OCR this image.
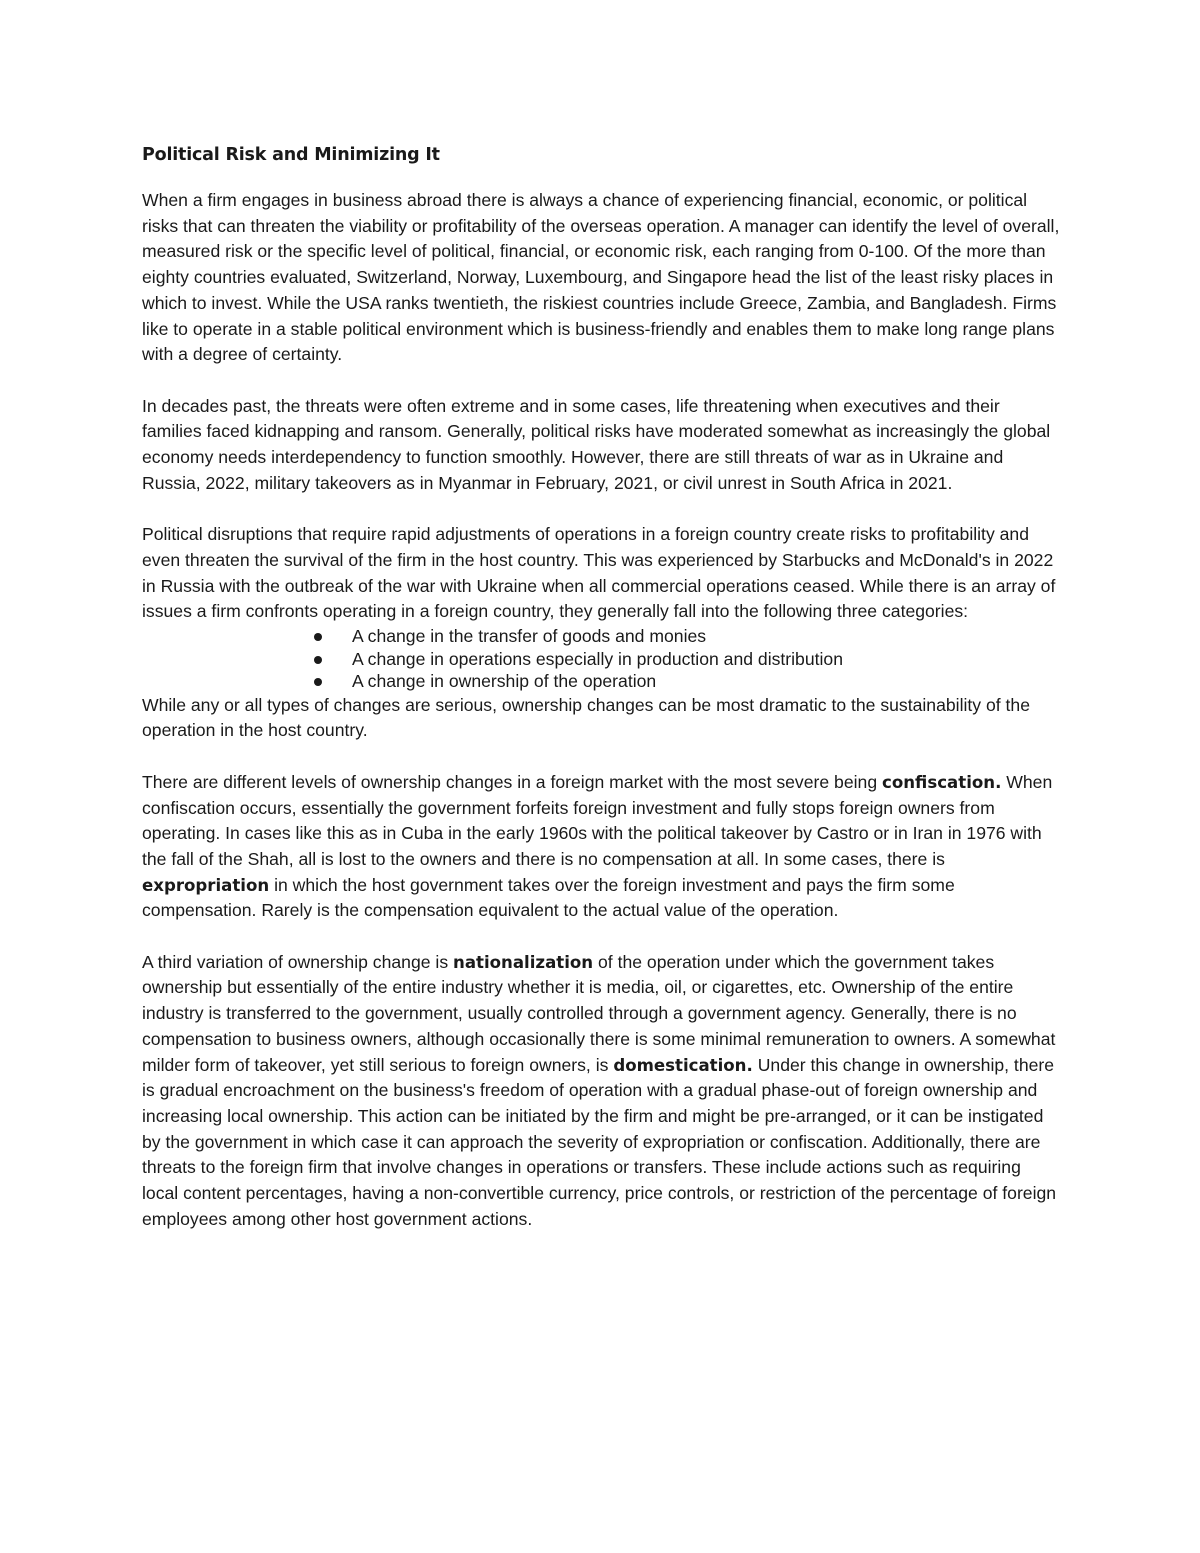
Political Risk and Minimizing It

When a firm engages in business abroad there is always a chance of experiencing financial, economic, or political risks that can threaten the viability or profitability of the overseas operation. A manager can identify the level of overall, measured risk or the specific level of political, financial, or economic risk, each ranging from 0-100. Of the more than eighty countries evaluated, Switzerland, Norway, Luxembourg, and Singapore head the list of the least risky places in which to invest. While the USA ranks twentieth, the riskiest countries include Greece, Zambia, and Bangladesh. Firms like to operate in a stable political environment which is business-friendly and enables them to make long range plans with a degree of certainty.

In decades past, the threats were often extreme and in some cases, life threatening when executives and their families faced kidnapping and ransom. Generally, political risks have moderated somewhat as increasingly the global economy needs interdependency to function smoothly. However, there are still threats of war as in Ukraine and Russia, 2022, military takeovers as in Myanmar in February, 2021, or civil unrest in South Africa in 2021.

Political disruptions that require rapid adjustments of operations in a foreign country create risks to profitability and even threaten the survival of the firm in the host country. This was experienced by Starbucks and McDonald's in 2022 in Russia with the outbreak of the war with Ukraine when all commercial operations ceased. While there is an array of issues a firm confronts operating in a foreign country, they generally fall into the following three categories:

A change in the transfer of goods and monies
A change in operations especially in production and distribution
A change in ownership of the operation

While any or all types of changes are serious, ownership changes can be most dramatic to the sustainability of the operation in the host country.

There are different levels of ownership changes in a foreign market with the most severe being confiscation. When confiscation occurs, essentially the government forfeits foreign investment and fully stops foreign owners from operating. In cases like this as in Cuba in the early 1960s with the political takeover by Castro or in Iran in 1976 with the fall of the Shah, all is lost to the owners and there is no compensation at all. In some cases, there is expropriation in which the host government takes over the foreign investment and pays the firm some compensation. Rarely is the compensation equivalent to the actual value of the operation.

A third variation of ownership change is nationalization of the operation under which the government takes ownership but essentially of the entire industry whether it is media, oil, or cigarettes, etc. Ownership of the entire industry is transferred to the government, usually controlled through a government agency. Generally, there is no compensation to business owners, although occasionally there is some minimal remuneration to owners. A somewhat milder form of takeover, yet still serious to foreign owners, is domestication. Under this change in ownership, there is gradual encroachment on the business's freedom of operation with a gradual phase-out of foreign ownership and increasing local ownership. This action can be initiated by the firm and might be pre-arranged, or it can be instigated by the government in which case it can approach the severity of expropriation or confiscation. Additionally, there are threats to the foreign firm that involve changes in operations or transfers. These include actions such as requiring local content percentages, having a non-convertible currency, price controls, or restriction of the percentage of foreign employees among other host government actions.
